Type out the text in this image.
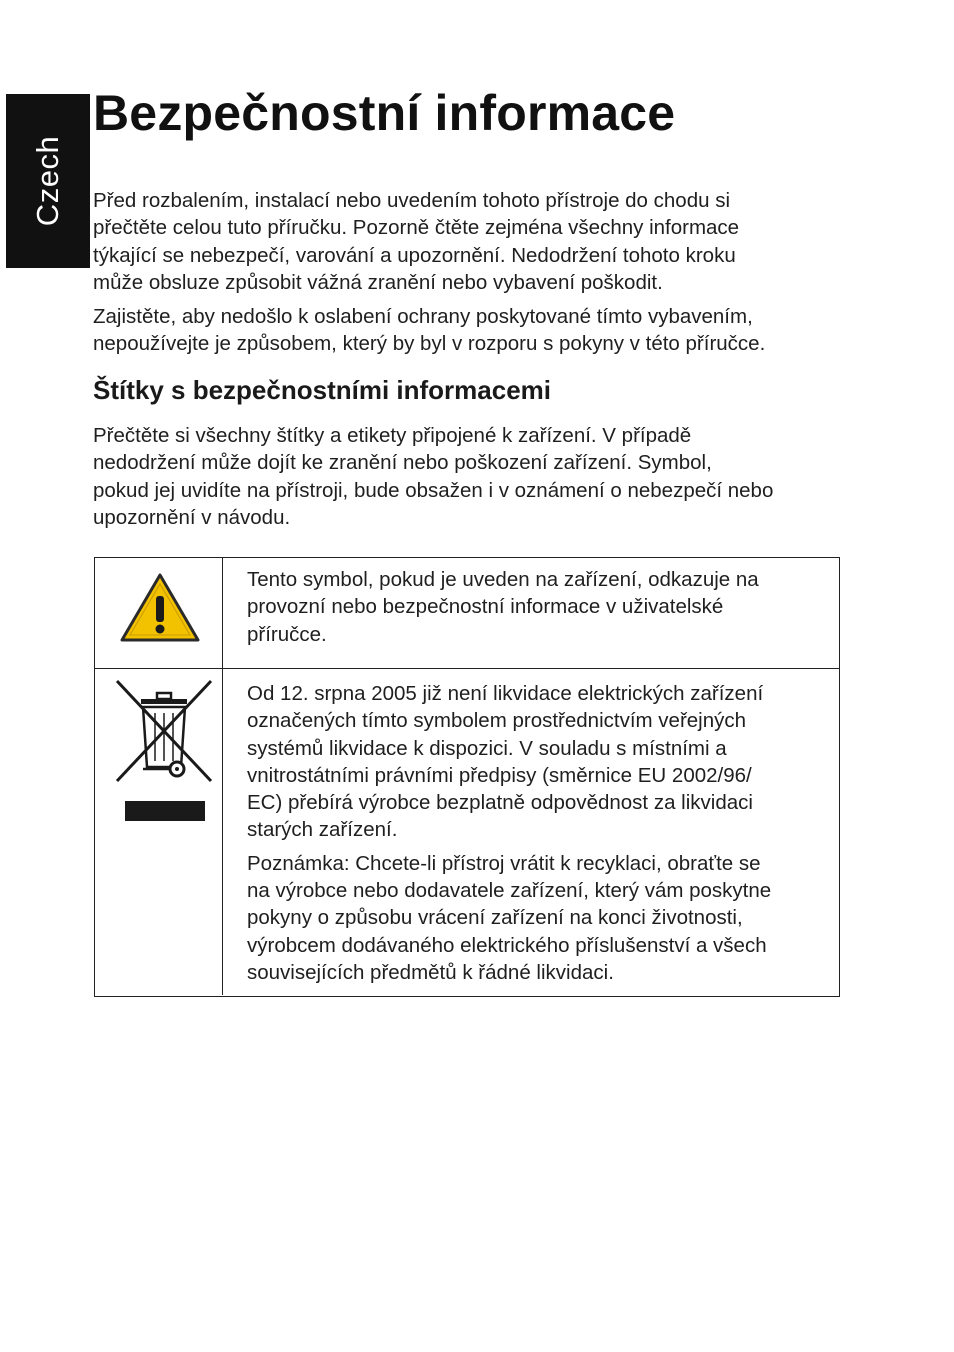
Czech
Bezpečnostní informace

Před rozbalením, instalací nebo uvedením tohoto přístroje do chodu si
přečtěte celou tuto příručku. Pozorně čtěte zejména všechny informace
týkající se nebezpečí, varování a upozornění. Nedodržení tohoto kroku
může obsluze způsobit vážná zranění nebo vybavení poškodit.

Zajistěte, aby nedošlo k oslabení ochrany poskytované tímto vybavením,
nepoužívejte je způsobem, který by byl v rozporu s pokyny v této příručce.

Štítky s bezpečnostními informacemi

Přečtěte si všechny štítky a etikety připojené k zařízení. V případě
nedodržení může dojít ke zranění nebo poškození zařízení. Symbol,
pokud jej uvidíte na přístroji, bude obsažen i v oznámení o nebezpečí nebo
upozornění v návodu.

Tento symbol, pokud je uveden na zařízení, odkazuje na
provozní nebo bezpečnostní informace v uživatelské
příručce.

Od 12. srpna 2005 již není likvidace elektrických zařízení
označených tímto symbolem prostřednictvím veřejných
systémů likvidace k dispozici. V souladu s místními a
vnitrostátními právními předpisy (směrnice EU 2002/96/
EC) přebírá výrobce bezplatně odpovědnost za likvidaci
starých zařízení.

Poznámka: Chcete-li přístroj vrátit k recyklaci, obraťte se
na výrobce nebo dodavatele zařízení, který vám poskytne
pokyny o způsobu vrácení zařízení na konci životnosti,
výrobcem dodávaného elektrického příslušenství a všech
souvisejících předmětů k řádné likvidaci.
